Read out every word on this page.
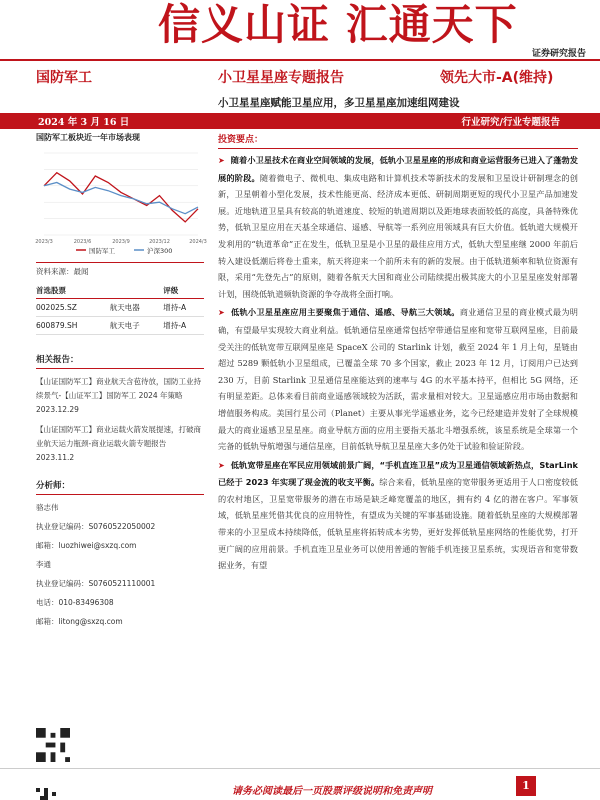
信义山证 汇通天下
证券研究报告
国防军工	小卫星星座专题报告	领先大市-A(维持)
小卫星星座赋能卫星应用，多卫星星座加速组网建设
2024 年 3 月 16 日	行业研究/行业专题报告
国防军工板块近一年市场表现
2023/3	2023/6	2023/9	2023/12	2024/3
国防军工	沪深300
资料来源：最闻
首选股票		评级
002025.SZ	航天电器	增持-A
600879.SH	航天电子	增持-A
相关报告：
【山证国防军工】商业航天含苞待放，国防工业持续景气-【山证军工】国防军工 2024 年策略 2023.12.29
【山证国防军工】商业运载火箭发展提速，打破商业航天运力瓶颈-商业运载火箭专题报告 2023.11.2
分析师：
骆志伟
执业登记编码：S0760522050002
邮箱：luozhiwei@sxzq.com
李通
执业登记编码：S0760521110001
电话：010-83496308
邮箱：litong@sxzq.com
投资要点：
➤ 随着小卫星技术在商业空间领域的发展，低轨小卫星星座的形成和商业运营服务已进入了蓬勃发展的阶段。随着微电子、微机电、集成电路和计算机技术等新技术的发展和卫星设计研制理念的创新，卫星朝着小型化发展，技术性能更高、经济成本更低、研制周期更短的现代小卫星产品加速发展。近地轨道卫星具有较高的轨道速度、较短的轨道周期以及距地球表面较低的高度，具备特殊优势，低轨卫星应用在天基全球通信、遥感、导航等一系列应用领域具有巨大价值。低轨道大规模开发利用的“轨道革命”正在发生，低轨卫星是小卫星的最佳应用方式，低轨大型星座继 2000 年前后转入建设低潮后将卷土重来，航天将迎来一个前所未有的新的发展。由于低轨道频率和轨位资源有限，采用“先登先占”的原则，随着各航天大国和商业公司陆续提出极其庞大的小卫星星座发射部署计划，围绕低轨道频轨资源的争夺战将全面打响。
➤ 低轨小卫星星座应用主要聚焦于通信、遥感、导航三大领域。商业通信卫星的商业模式最为明确，有望最早实现较大商业利益。低轨通信星座通常包括窄带通信星座和宽带互联网星座，目前最受关注的低轨宽带互联网星座是 SpaceX 公司的 Starlink 计划，截至 2024 年 1 月上旬，星链由超过 5289 颗低轨小卫星组成，已覆盖全球 70 多个国家，截止 2023 年 12 月，订阅用户已达到 230 万，目前 Starlink 卫星通信星座能达到的速率与 4G 的水平基本持平，但相比 5G 网络，还有明显差距。总体来看目前商业遥感领域较为活跃，需求量相对较大。卫星遥感应用市场由数据和增值服务构成。美国行星公司（Planet）主要从事光学遥感业务，迄今已经建造并发射了全球规模最大的商业遥感卫星星座。商业导航方面的应用主要指天基北斗增强系统，该星系统是全球第一个完备的低轨导航增强与通信星座，目前低轨导航卫星星座大多仍处于试验和验证阶段。
➤ 低轨宽带星座在军民应用领域前景广阔，“手机直连卫星”成为卫星通信领域新热点，StarLink 已经于 2023 年实现了现金流的收支平衡。综合来看，低轨星座的宽带服务更适用于人口密度较低的农村地区，卫星宽带服务的潜在市场是缺乏峰宽覆盖的地区，拥有约 4 亿的潜在客户。军事领域，低轨星座凭借其优良的应用特性，有望成为关键的军事基础设施。随着低轨星座的大规模部署带来的小卫星成本持续降低，低轨星座将拓转成本劣势，更好发挥低轨星座网络的性能优势，打开更广阔的应用前景。手机直连卫星业务可以使用普通的智能手机连接卫星系统，实现语音和宽带数据业务，有望
请务必阅读最后一页股票评级说明和免责声明	1
